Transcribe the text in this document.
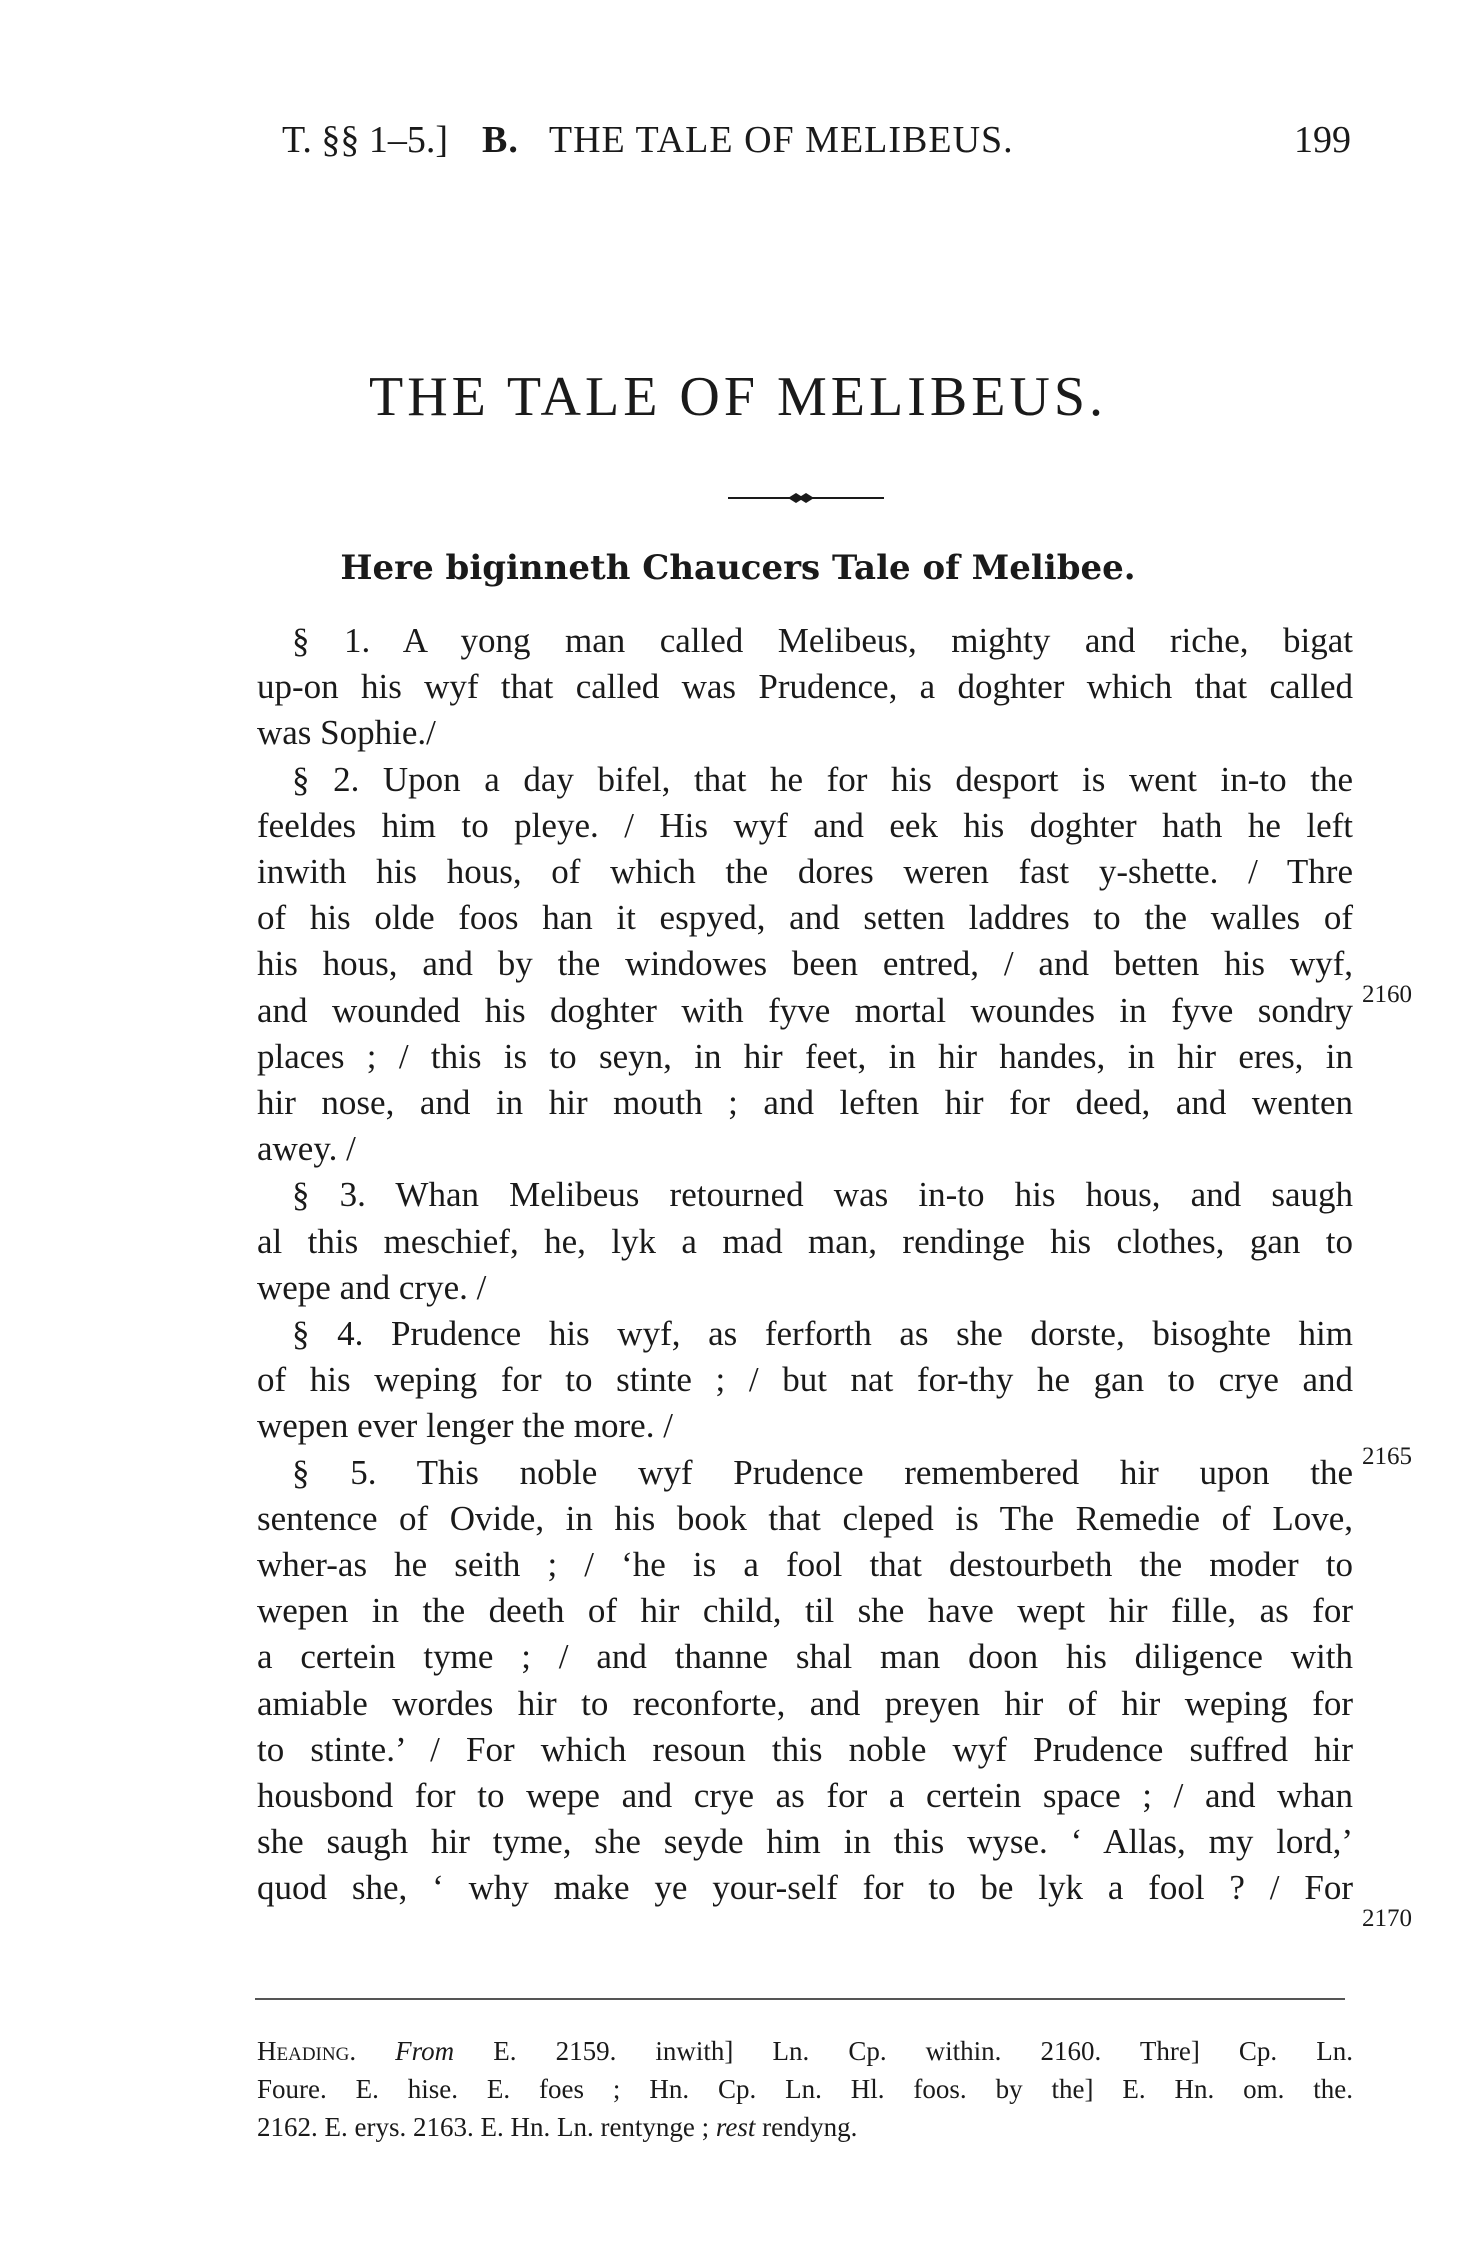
T. §§ 1–5.] B. THE TALE OF MELIBEUS.	199
THE TALE OF MELIBEUS.
Here biginneth Chaucers Tale of Melibee.
§ 1. A yong man called Melibeus, mighty and riche, bigat
up-on his wyf that called was Prudence, a doghter which that called
was Sophie./
§ 2. Upon a day bifel, that he for his desport is went in-to the
feeldes him to pleye. / His wyf and eek his doghter hath he left
inwith his hous, of which the dores weren fast y-shette. / Thre
of his olde foos han it espyed, and setten laddres to the walles of
his hous, and by the windowes been entred, / and betten his wyf,
and wounded his doghter with fyve mortal woundes in fyve sondry
places ; / this is to seyn, in hir feet, in hir handes, in hir eres, in
hir nose, and in hir mouth ; and leften hir for deed, and wenten
awey. /
§ 3. Whan Melibeus retourned was in-to his hous, and saugh
al this meschief, he, lyk a mad man, rendinge his clothes, gan to
wepe and crye. /
§ 4. Prudence his wyf, as ferforth as she dorste, bisoghte him
of his weping for to stinte ; / but nat for-thy he gan to crye and
wepen ever lenger the more. /
§ 5. This noble wyf Prudence remembered hir upon the
sentence of Ovide, in his book that cleped is The Remedie of Love,
wher-as he seith ; / ‘he is a fool that destourbeth the moder to
wepen in the deeth of hir child, til she have wept hir fille, as for
a certein tyme ; / and thanne shal man doon his diligence with
amiable wordes hir to reconforte, and preyen hir of hir weping for
to stinte.’ / For which resoun this noble wyf Prudence suffred hir
housbond for to wepe and crye as for a certein space ; / and whan
she saugh hir tyme, she seyde him in this wyse. ‘ Allas, my lord,’
quod she, ‘ why make ye your-self for to be lyk a fool ? / For
2160
2165
2170
Heading. From E. 2159. inwith] Ln. Cp. within. 2160. Thre] Cp. Ln.
Foure. E. hise. E. foes ; Hn. Cp. Ln. Hl. foos. by the] E. Hn. om. the.
2162. E. erys. 2163. E. Hn. Ln. rentynge ; rest rendyng.
